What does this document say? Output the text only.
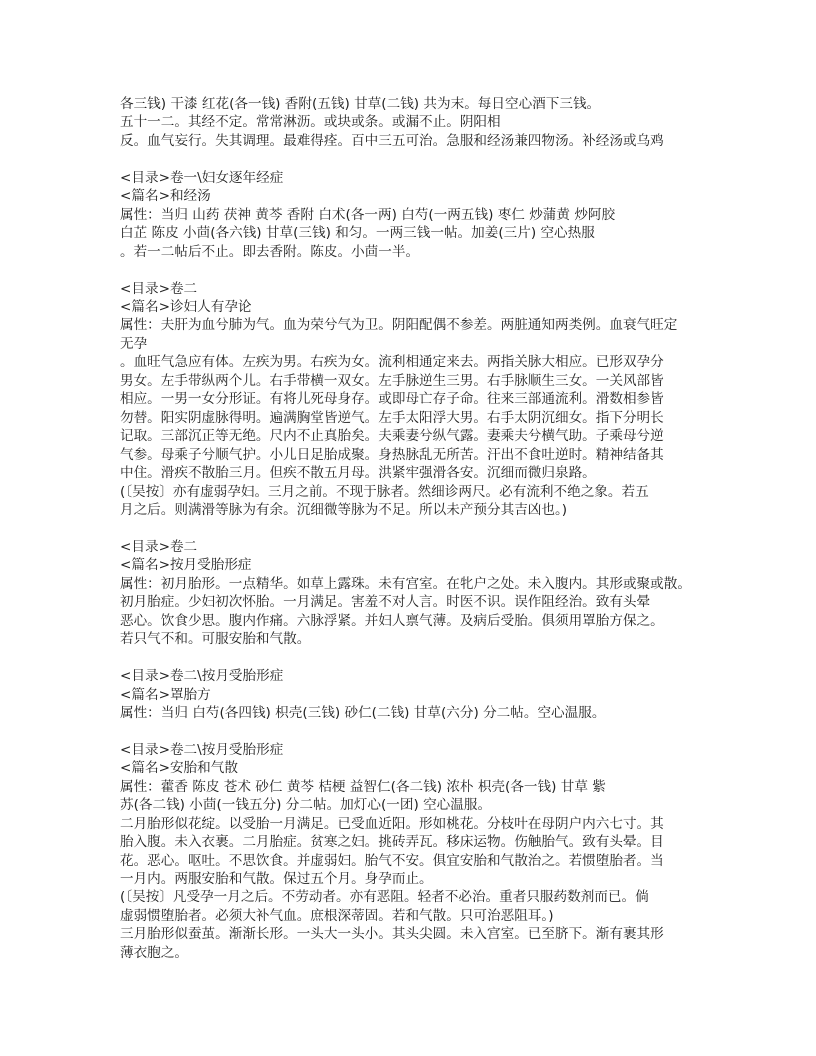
各三钱) 干漆 红花(各一钱) 香附(五钱) 甘草(二钱) 共为末。每日空心酒下三钱。
五十一二。其经不定。常常淋沥。或块或条。或漏不止。阴阳相
反。血气妄行。失其调理。最难得痊。百中三五可治。急服和经汤兼四物汤。补经汤或乌鸡
<目录>卷一\妇女逐年经症
<篇名>和经汤
属性：当归 山药 茯神 黄芩 香附 白术(各一两) 白芍(一两五钱) 枣仁 炒蒲黄 炒阿胶
白芷 陈皮 小茴(各六钱) 甘草(三钱) 和匀。一两三钱一帖。加姜(三片) 空心热服
。若一二帖后不止。即去香附。陈皮。小茴一半。
<目录>卷二
<篇名>诊妇人有孕论
属性：夫肝为血兮肺为气。血为荣兮气为卫。阴阳配偶不参差。两脏通知两类例。血衰气旺定
无孕
。血旺气急应有体。左疾为男。右疾为女。流利相通定来去。两指关脉大相应。已形双孕分
男女。左手带纵两个儿。右手带横一双女。左手脉逆生三男。右手脉顺生三女。一关风部皆
相应。一男一女分形证。有将儿死母身存。或即母亡存子命。往来三部通流利。滑数相参皆
勿替。阳实阴虚脉得明。遍满胸堂皆逆气。左手太阳浮大男。右手太阴沉细女。指下分明长
记取。三部沉正等无绝。尺内不止真胎矣。夫乘妻兮纵气露。妻乘夫兮横气助。子乘母兮逆
气参。母乘子兮顺气护。小儿日足胎成聚。身热脉乱无所苦。汗出不食吐逆时。精神结备其
中住。滑疾不散胎三月。但疾不散五月母。洪紧牢强滑各安。沉细而微归泉路。
(〔吴按〕亦有虚弱孕妇。三月之前。不现于脉者。然细诊两尺。必有流利不绝之象。若五
月之后。则满滑等脉为有余。沉细微等脉为不足。所以未产预分其吉凶也。)
<目录>卷二
<篇名>按月受胎形症
属性：初月胎形。一点精华。如草上露珠。未有宫室。在牝户之处。未入腹内。其形或聚或散。
初月胎症。少妇初次怀胎。一月满足。害羞不对人言。时医不识。误作阻经治。致有头晕
恶心。饮食少思。腹内作痛。六脉浮紧。并妇人禀气薄。及病后受胎。俱须用罩胎方保之。
若只气不和。可服安胎和气散。
<目录>卷二\按月受胎形症
<篇名>罩胎方
属性：当归 白芍(各四钱) 枳壳(三钱) 砂仁(二钱) 甘草(六分) 分二帖。空心温服。
<目录>卷二\按月受胎形症
<篇名>安胎和气散
属性：藿香 陈皮 苍术 砂仁 黄芩 桔梗 益智仁(各二钱) 浓朴 枳壳(各一钱) 甘草 紫
苏(各二钱) 小茴(一钱五分) 分二帖。加灯心(一团) 空心温服。
二月胎形似花绽。以受胎一月满足。已受血近阳。形如桃花。分枝叶在母阴户内六七寸。其
胎入腹。未入衣裹。二月胎症。贫寒之妇。挑砖弄瓦。移床运物。伤触胎气。致有头晕。目
花。恶心。呕吐。不思饮食。并虚弱妇。胎气不安。俱宜安胎和气散治之。若惯堕胎者。当
一月内。两服安胎和气散。保过五个月。身孕而止。
(〔吴按〕凡受孕一月之后。不劳动者。亦有恶阻。轻者不必治。重者只服药数剂而已。倘
虚弱惯堕胎者。必须大补气血。庶根深蒂固。若和气散。只可治恶阻耳。)
三月胎形似蚕茧。渐渐长形。一头大一头小。其头尖圆。未入宫室。已至脐下。渐有裹其形
薄衣胞之。
